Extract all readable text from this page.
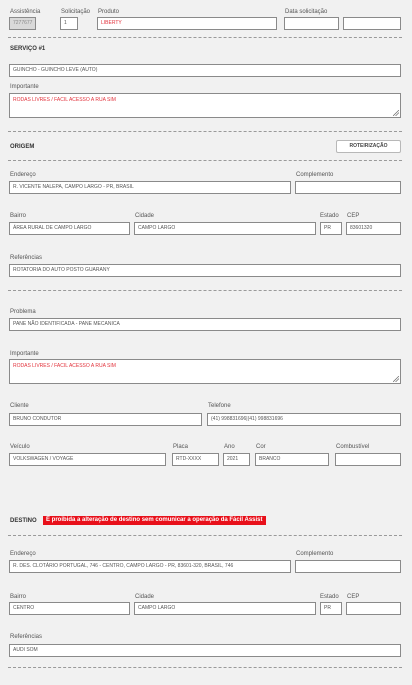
Assistência
7277677
Solicitação
1
Produto
LIBERTY
Data solicitação
SERVIÇO #1
GUINCHO - GUINCHO LEVE (AUTO)
Importante
RODAS LIVRES / FACIL ACESSO A RUA SIM
ORIGEM	ROTEIRIZAÇÃO
Endereço
R. VICENTE NALEPA, CAMPO LARGO - PR, BRASIL
Complemento
Bairro
ÁREA RURAL DE CAMPO LARGO
Cidade
CAMPO LARGO
Estado
PR
CEP
83601320
Referências
ROTATORIA DO AUTO POSTO GUARANY
Problema
PANE NÃO IDENTIFICADA - PANE MECANICA
Importante
RODAS LIVRES / FACIL ACESSO A RUA SIM
Cliente
BRUNO CONDUTOR
Telefone
(41) 998831696|(41) 998831696
Veículo
VOLKSWAGEN / VOYAGE
Placa
RTD-XXXX
Ano
2021
Cor
BRANCO
Combustível
DESTINO	É proibida a alteração de destino sem comunicar a operação da Fácil Assist
Endereço
R. DES. CLOTÁRIO PORTUGAL, 746 - CENTRO, CAMPO LARGO - PR, 83601-320, BRASIL, 746
Complemento
Bairro
CENTRO
Cidade
CAMPO LARGO
Estado
PR
CEP
Referências
AUDI SOM
